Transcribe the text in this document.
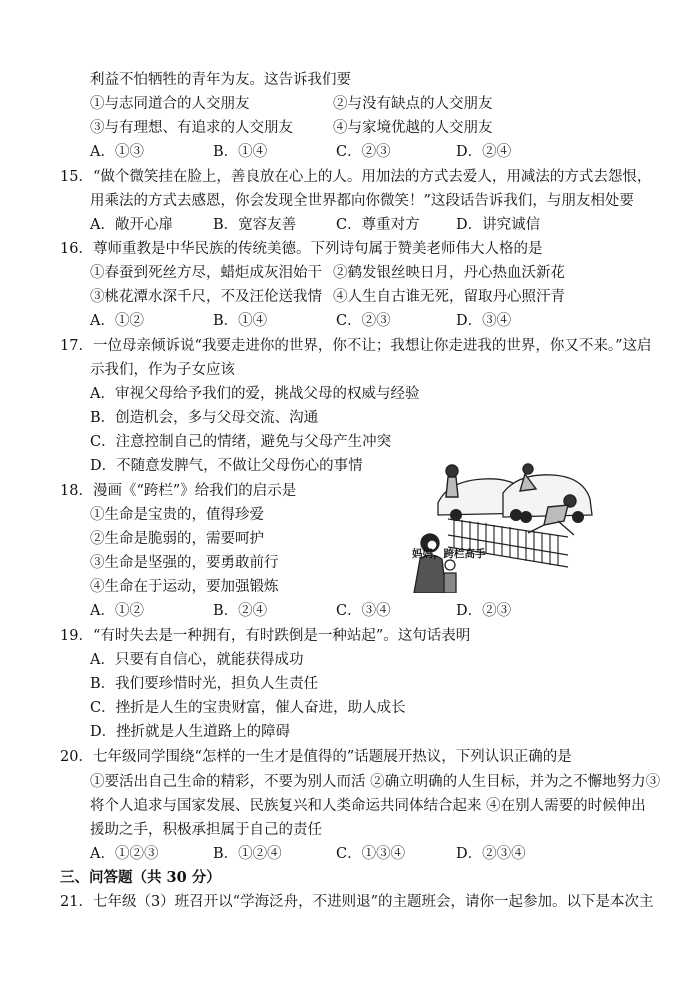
利益不怕牺牲的青年为友。这告诉我们要
①与志同道合的人交朋友	②与没有缺点的人交朋友
③与有理想、有追求的人交朋友	④与家境优越的人交朋友
A．①③	B．①④	C．②③	D．②④
15．“做个微笑挂在脸上，善良放在心上的人。用加法的方式去爱人，用减法的方式去怨恨，
用乘法的方式去感恩，你会发现全世界都向你微笑！”这段话告诉我们，与朋友相处要
A．敞开心扉	B．宽容友善	C．尊重对方	D．讲究诚信
16．尊师重教是中华民族的传统美德。下列诗句属于赞美老师伟大人格的是
①春蚕到死丝方尽，蜡炬成灰泪始干 ②鹤发银丝映日月，丹心热血沃新花
③桃花潭水深千尺，不及汪伦送我情 ④人生自古谁无死，留取丹心照汗青
A．①②	B．①④	C．②③	D．③④
17．一位母亲倾诉说“我要走进你的世界，你不让；我想让你走进我的世界，你又不来。”这启
示我们，作为子女应该
A．审视父母给予我们的爱，挑战父母的权威与经验
B．创造机会，多与父母交流、沟通
C．注意控制自己的情绪，避免与父母产生冲突
D．不随意发脾气，不做让父母伤心的事情
18．漫画《“跨栏”》给我们的启示是
①生命是宝贵的，值得珍爱
②生命是脆弱的，需要呵护
③生命是坚强的，要勇敢前行
④生命在于运动，要加强锻炼
A．①②	B．②④	C．③④	D．②③
妈妈，跨栏高手
19．“有时失去是一种拥有，有时跌倒是一种站起”。这句话表明
A．只要有自信心，就能获得成功
B．我们要珍惜时光，担负人生责任
C．挫折是人生的宝贵财富，催人奋进，助人成长
D．挫折就是人生道路上的障碍
20．七年级同学围绕“怎样的一生才是值得的”话题展开热议，下列认识正确的是
①要活出自己生命的精彩，不要为别人而活 ②确立明确的人生目标，并为之不懈地努力③
将个人追求与国家发展、民族复兴和人类命运共同体结合起来 ④在别人需要的时候伸出
援助之手，积极承担属于自己的责任
A．①②③	B．①②④	C．①③④	D．②③④
三、问答题（共 30 分）
21．七年级（3）班召开以“学海泛舟，不进则退”的主题班会，请你一起参加。以下是本次主
